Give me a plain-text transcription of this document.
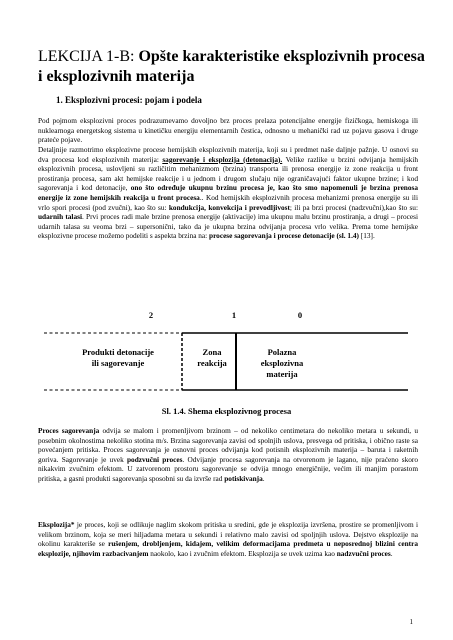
LEKCIJA 1-B: Opšte karakteristike eksplozivnih procesa i eksplozivnih materija
1. Eksplozivni procesi: pojam i podela

Pod pojmom eksplozivni proces podrazumevamo dovoljno brz proces prelaza potencijalne energije fizičkoga, hemiskoga ili nuklearnoga energetskog sistema u kinetičku energiju elementarnih čestica, odnosno u mehanički rad uz pojavu gasova i drugе prateće pojave.

Detaljnije razmotrimo eksplozivne procese hemijskih eksplozivnih materija, koji su i predmet naše dalјnje pažnje. U osnovi su dva procesa kod eksplozivnih materija: sagorevanje i eksplozija (detonacija). Velike razlike u brzini odvijanja hemijskih eksplozivnih procesa, uslovljeni su različitim mehanizmom (brzina) transporta ili prenosa energije iz zone reakcija u front prostiranja procesa, sam akt hemijske reakcije i u jednom i drugom slučaju nije ograničavajući faktor ukupne brzine; i kod sagorevanja i kod detonacije, ono što određuje ukupnu brzinu procesa je, kao što smo napomenuli je brzina prenosa energije iz zone hemijskih reakcija u front procesa.. Kod hemijskih eksplozivnih procesa mehanizmi prenosa energije su ili vrlo spori procesi (pod zvučni), kao što su: kondukcija, konvekcija i prevodljivost; ili pa brzi procesi (nadzvučni),kao što su: udarnih talasi. Prvi proces radi male brzine prenosa energije (aktivacije) ima ukupnu malu brzinu prostiranja, a drugi – procesi udarnih talasa su veoma brzi – supersonični, tako da je ukupna brzina odvijanja procesa vrlo velika. Prema tome hemijske eksplozivne procese možemo podeliti s aspekta brzina na: procese sagorevanja i procese detonacije (sl. 1.4) [13].

2	1	0
Produkti detonacije
ili sagorevanje
Zona
reakcija
Polazna
eksplozivna
materija
Sl. 1.4. Shema eksplozivnog procesa

Proces sagorevanja odvija se malom i promenljivom brzinom – od nekoliko centimetara do nekoliko metara u sekundi, u posebnim okolnostima nekoliko stotina m/s. Brzina sagorevanja zavisi od spolnjih uslova, presvega od pritiska, i obično raste sa povećanjem pritiska. Proces sagorevanja je osnovni proces odvijanja kod potisnih eksplozivnih materija – baruta i raketnih goriva. Sagorevanje je uvek podzvučni proces. Odvijanje procesa sagorevanja na otvorenom je lagano, nije praćeno skoro nikakvim zvučnim efektom. U zatvorenom prostoru sagorevanje se odvija mnogo energičnije, većim ili manjim porastom pritiska, a gasni produkti sagorevanja sposobni su da izvrše rad potiskivanja.

Eksplozija* je proces, koji se odlikuje naglim skokom pritiska u sredini, gde je eksplozija izvršena, prostire se promenljivom i velikom brzinom, koja se meri hiljadama metara u sekundi i relativno malo zavisi od spoljnjih uslova. Dejstvo eksplozije na okolinu karakteriše se rušenjem, drobljenjem, kidajem, velikim deformacijama predmeta u neposrednoj blizini centra eksplozije, njihovim razbacivanjem naokolo, kao i zvučnim efektom. Eksplozija se uvek uzima kao nadzvučni proces.

1
